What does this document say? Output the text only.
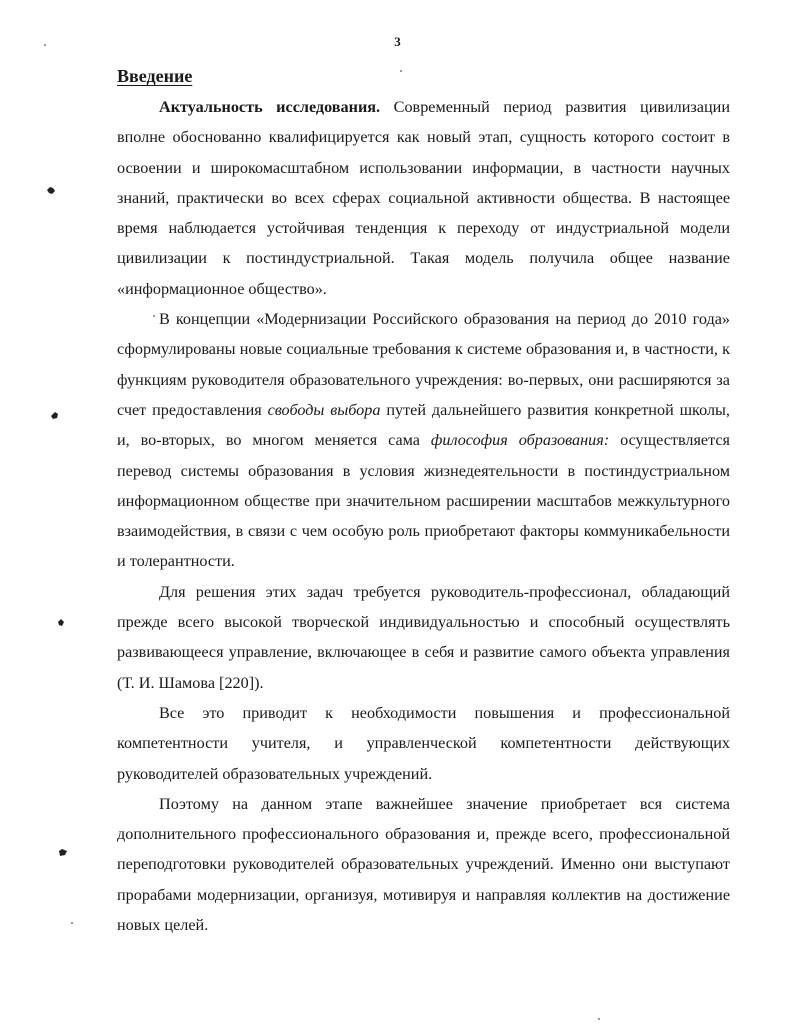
3
Введение

Актуальность исследования. Современный период развития цивилизации вполне обоснованно квалифицируется как новый этап, сущность которого состоит в освоении и широкомасштабном использовании информации, в частности научных знаний, практически во всех сферах социальной активности общества. В настоящее время наблюдается устойчивая тенденция к переходу от индустриальной модели цивилизации к постиндустриальной. Такая модель получила общее название «информационное общество».

В концепции «Модернизации Российского образования на период до 2010 года» сформулированы новые социальные требования к системе образования и, в частности, к функциям руководителя образовательного учреждения: во-первых, они расширяются за счет предоставления свободы выбора путей дальнейшего развития конкретной школы, и, во-вторых, во многом меняется сама философия образования: осуществляется перевод системы образования в условия жизнедеятельности в постиндустриальном информационном обществе при значительном расширении масштабов межкультурного взаимодействия, в связи с чем особую роль приобретают факторы коммуникабельности и толерантности.

Для решения этих задач требуется руководитель-профессионал, обладающий прежде всего высокой творческой индивидуальностью и способный осуществлять развивающееся управление, включающее в себя и развитие самого объекта управления (Т. И. Шамова [220]).

Все это приводит к необходимости повышения и профессиональной компетентности учителя, и управленческой компетентности действующих руководителей образовательных учреждений.

Поэтому на данном этапе важнейшее значение приобретает вся система дополнительного профессионального образования и, прежде всего, профессиональной переподготовки руководителей образовательных учреждений. Именно они выступают прорабами модернизации, организуя, мотивируя и направляя коллектив на достижение новых целей.
